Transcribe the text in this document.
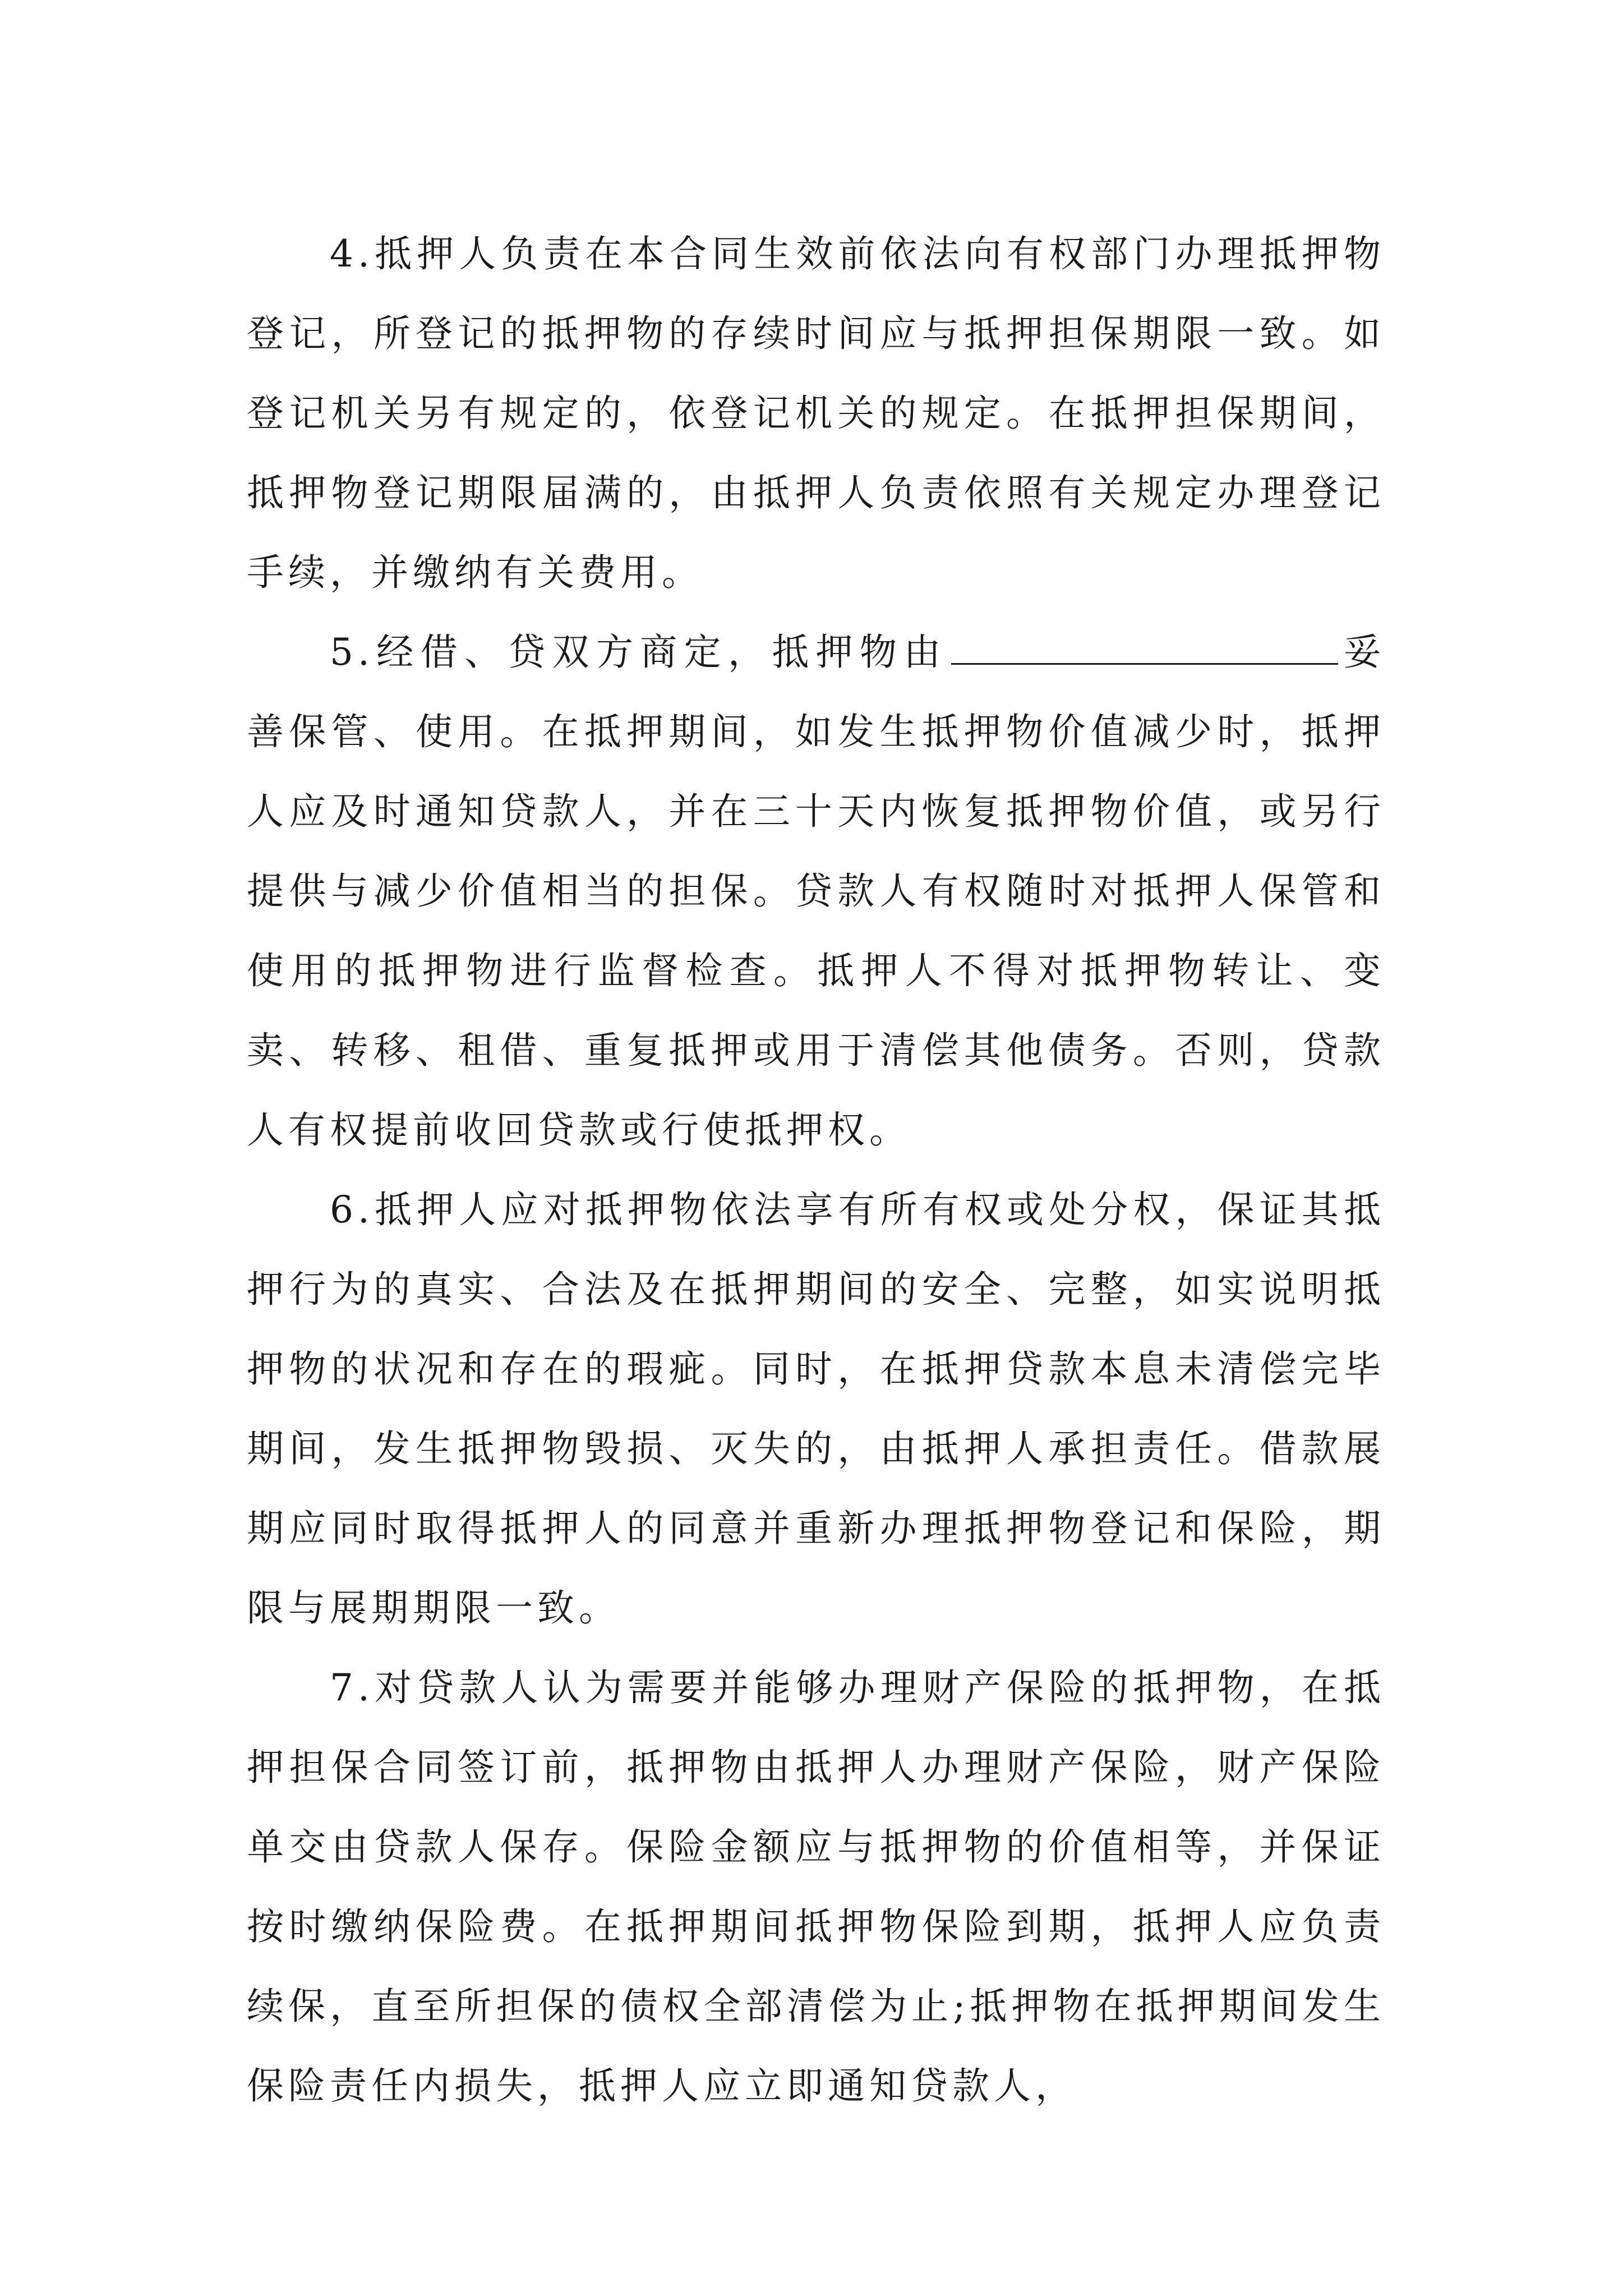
4.抵押人负责在本合同生效前依法向有权部门办理抵押物登记，所登记的抵押物的存续时间应与抵押担保期限一致。如登记机关另有规定的，依登记机关的规定。在抵押担保期间，抵押物登记期限届满的，由抵押人负责依照有关规定办理登记手续，并缴纳有关费用。

5.经借、贷双方商定，抵押物由	妥善保管、使用。在抵押期间，如发生抵押物价值减少时，抵押人应及时通知贷款人，并在三十天内恢复抵押物价值，或另行提供与减少价值相当的担保。贷款人有权随时对抵押人保管和使用的抵押物进行监督检查。抵押人不得对抵押物转让、变卖、转移、租借、重复抵押或用于清偿其他债务。否则，贷款人有权提前收回贷款或行使抵押权。

6.抵押人应对抵押物依法享有所有权或处分权，保证其抵押行为的真实、合法及在抵押期间的安全、完整，如实说明抵押物的状况和存在的瑕疵。同时，在抵押贷款本息未清偿完毕期间，发生抵押物毁损、灭失的，由抵押人承担责任。借款展期应同时取得抵押人的同意并重新办理抵押物登记和保险，期限与展期期限一致。

7.对贷款人认为需要并能够办理财产保险的抵押物，在抵押担保合同签订前，抵押物由抵押人办理财产保险，财产保险单交由贷款人保存。保险金额应与抵押物的价值相等，并保证按时缴纳保险费。在抵押期间抵押物保险到期，抵押人应负责续保，直至所担保的债权全部清偿为止;抵押物在抵押期间发生保险责任内损失，抵押人应立即通知贷款人，
